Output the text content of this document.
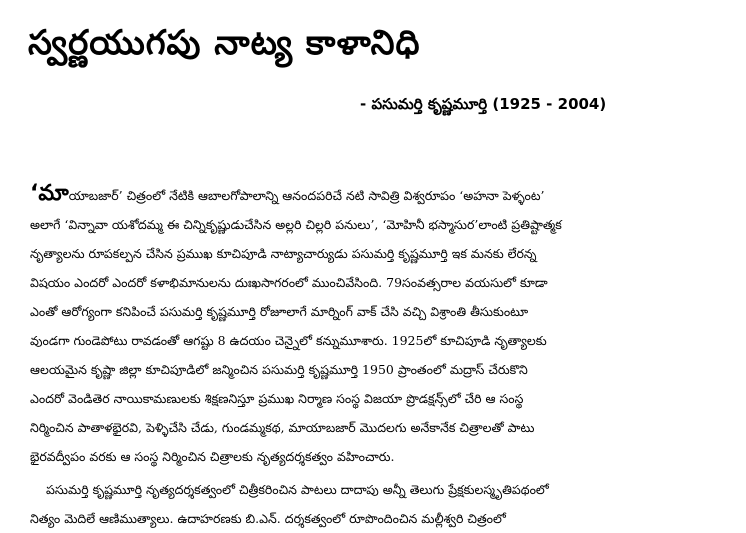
స్వర్ణయుగపు నాట్య కాళానిధి
- పసుమర్తి కృష్ణమూర్తి (1925 - 2004)
‘మాయాబజార్’ చిత్రంలో నేటికి ఆబాలగోపాలాన్ని ఆనందపరిచే నటి సావిత్రి విశ్వరూపం ‘అహనా పెళ్ళంట’
అలాగే ‘విన్నావా యశోదమ్మ ఈ చిన్నికృష్ణుడుచేసిన అల్లరి చిల్లరి పనులు’, ‘మోహినీ భస్మాసుర’లాంటి ప్రతిష్టాత్మక
నృత్యాలను రూపకల్పన చేసిన ప్రముఖ కూచిపూడి నాట్యాచార్యుడు పసుమర్తి కృష్ణమూర్తి ఇక మనకు లేరన్న
విషయం ఎందరో ఎందరో కళాభిమానులను దుఃఖసాగరంలో ముంచివేసింది. 79సంవత్సరాల వయసులో కూడా
ఎంతో ఆరోగ్యంగా కనిపించే పసుమర్తి కృష్ణమూర్తి రోజూలాగే మార్నింగ్ వాక్ చేసి వచ్చి విశ్రాంతి తీసుకుంటూ
వుండగా గుండెపోటు రావడంతో ఆగష్టు 8 ఉదయం చెన్నైలో కన్నుమూశారు. 1925లో కూచిపూడి నృత్యాలకు
ఆలయమైన కృష్ణా జిల్లా కూచిపూడిలో జన్మించిన పసుమర్తి కృష్ణమూర్తి 1950 ప్రాంతంలో మద్రాస్ చేరుకొని
ఎందరో వెండితెర నాయికామణులకు శిక్షణనిస్తూ ప్రముఖ నిర్మాణ సంస్థ విజయా ప్రొడక్షన్స్‌లో చేరి ఆ సంస్థ
నిర్మించిన పాతాళభైరవి, పెళ్ళిచేసి చేడు, గుండమ్మకథ, మాయాబజార్ మొదలగు అనేకానేక చిత్రాలతో పాటు
భైరవద్వీపం వరకు ఆ సంస్థ నిర్మించిన చిత్రాలకు నృత్యదర్శకత్వం వహించారు.
పసుమర్తి కృష్ణమూర్తి నృత్యదర్శకత్వంలో చిత్రీకరించిన పాటలు దాదాపు అన్నీ తెలుగు ప్రేక్షకులస్మృతిపథంలో
నిత్యం మెదిలే ఆణిముత్యాలు. ఉదాహరణకు బి.ఎన్. దర్శకత్వంలో రూపొందించిన మల్లీశ్వరి చిత్రంలో
